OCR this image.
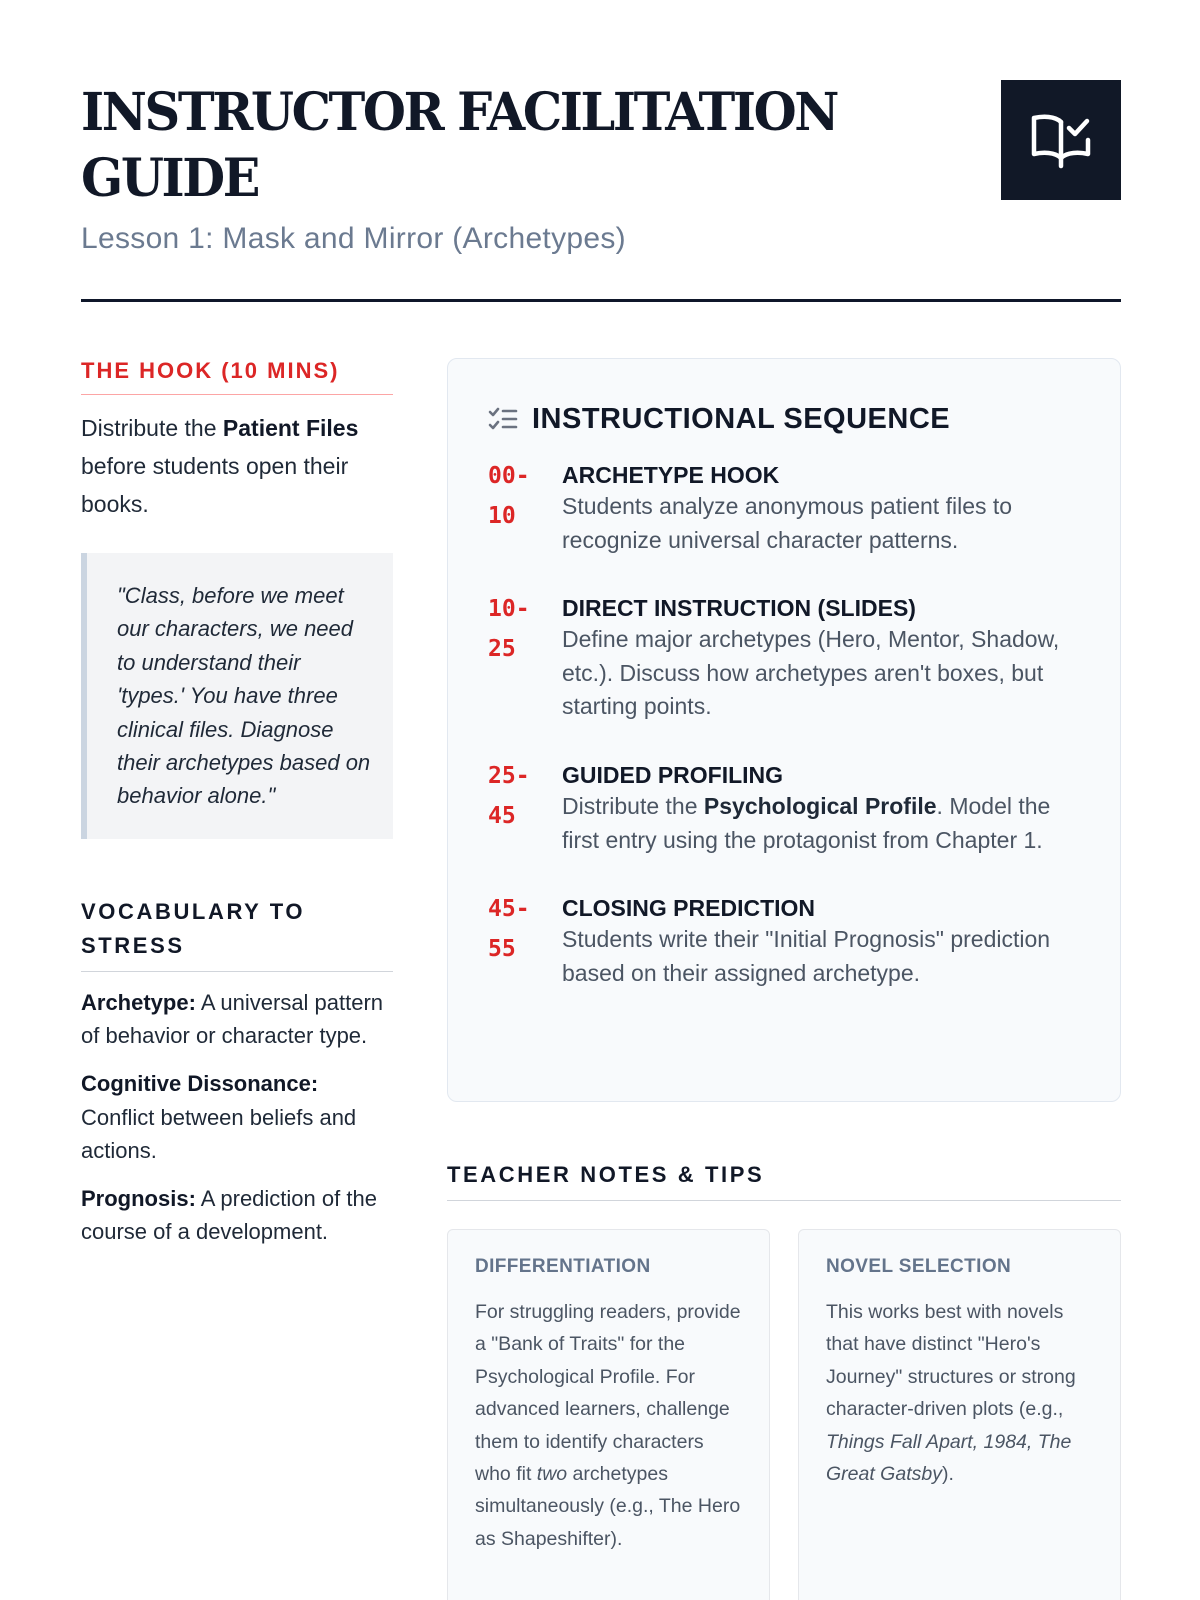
INSTRUCTOR FACILITATION GUIDE
Lesson 1: Mask and Mirror (Archetypes)
THE HOOK (10 MINS)

Distribute the Patient Files before students open their books.

"Class, before we meet our characters, we need to understand their 'types.' You have three clinical files. Diagnose their archetypes based on behavior alone."
VOCABULARY TO STRESS

Archetype: A universal pattern of behavior or character type.

Cognitive Dissonance: Conflict between beliefs and actions.

Prognosis: A prediction of the course of a development.

INSTRUCTIONAL SEQUENCE
00-
10
ARCHETYPE HOOK

Students analyze anonymous patient files to recognize universal character patterns.

10-
25
DIRECT INSTRUCTION (SLIDES)

Define major archetypes (Hero, Mentor, Shadow, etc.). Discuss how archetypes aren't boxes, but starting points.

25-
45
GUIDED PROFILING

Distribute the Psychological Profile. Model the first entry using the protagonist from Chapter 1.

45-
55
CLOSING PREDICTION

Students write their "Initial Prognosis" prediction based on their assigned archetype.

TEACHER NOTES & TIPS
DIFFERENTIATION

For struggling readers, provide a "Bank of Traits" for the Psychological Profile. For advanced learners, challenge them to identify characters who fit two archetypes simultaneously (e.g., The Hero as Shapeshifter).

NOVEL SELECTION

This works best with novels that have distinct "Hero's Journey" structures or strong character-driven plots (e.g., Things Fall Apart, 1984, The Great Gatsby).
